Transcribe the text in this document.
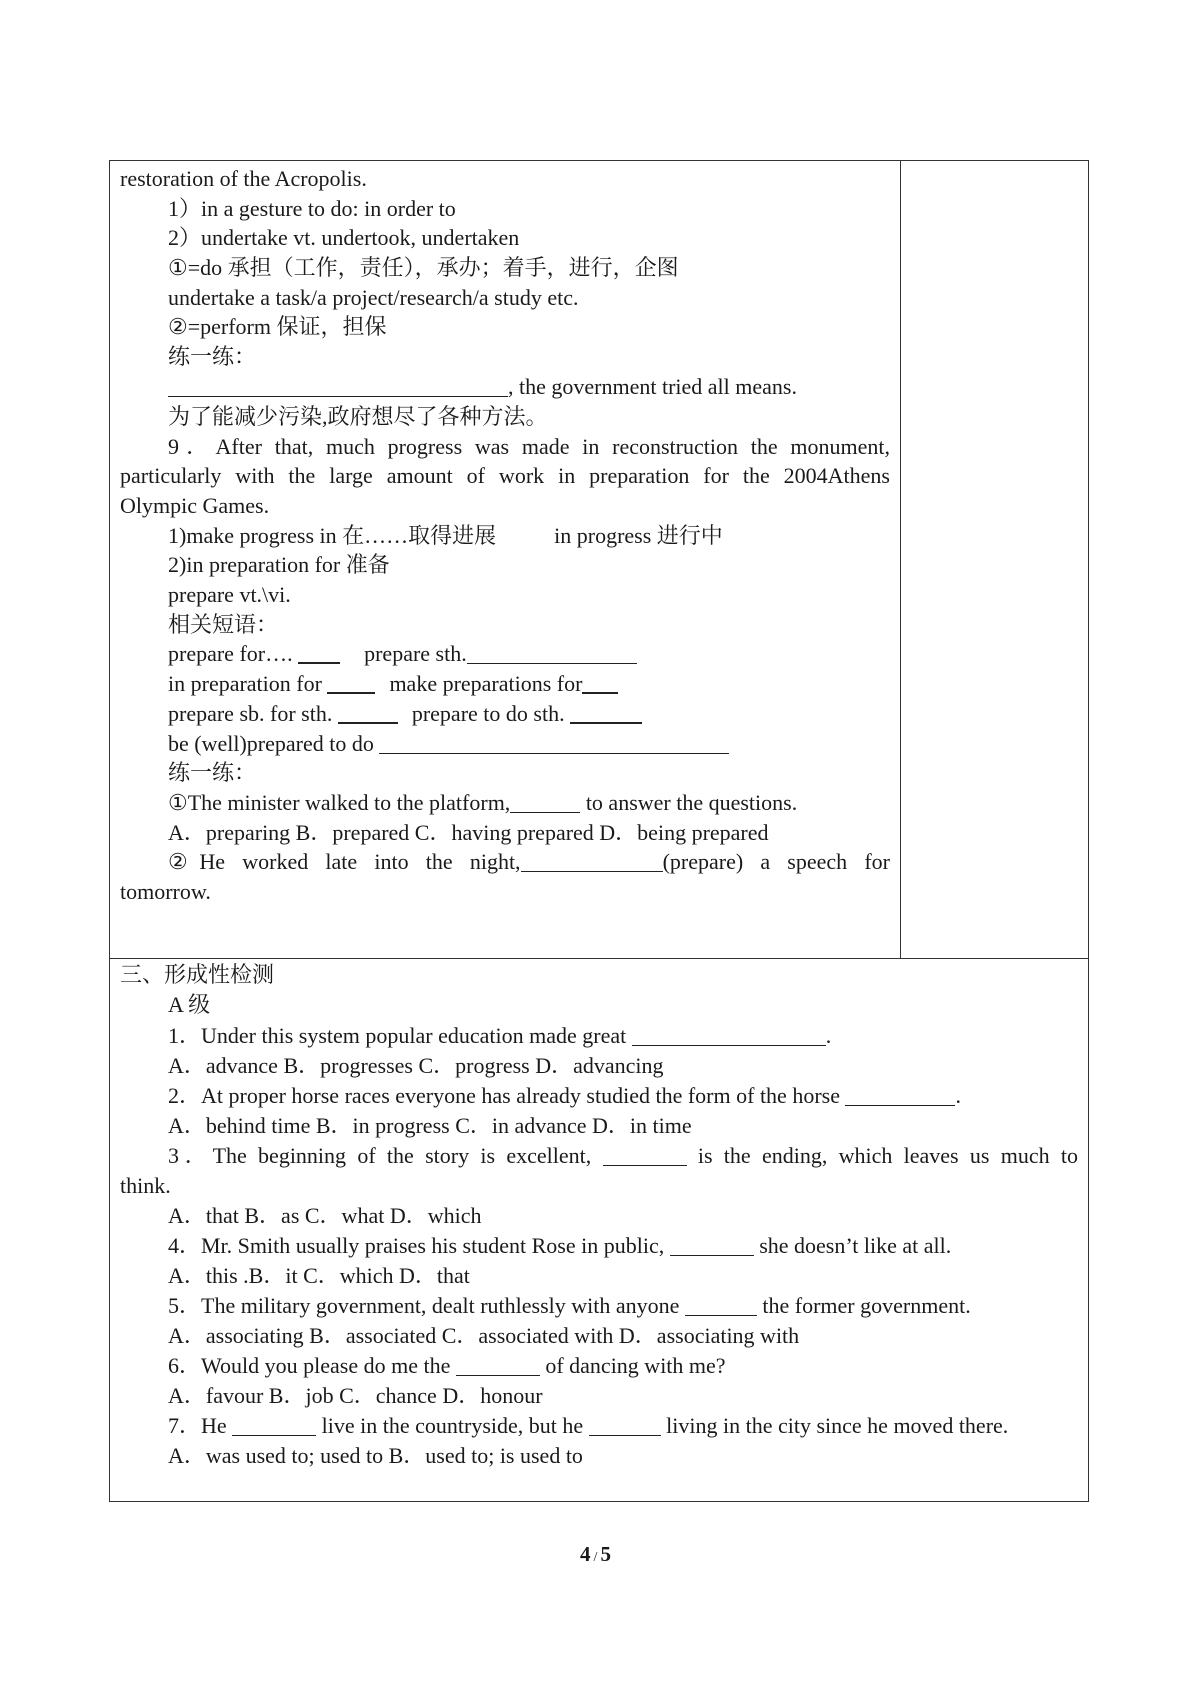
restoration of the Acropolis.
1）in a gesture to do: in order to
2）undertake vt. undertook, undertaken
①=do 承担（工作，责任），承办；着手，进行，企图
undertake a task/a project/research/a study etc.
②=perform 保证，担保
练一练：
, the government tried all means.
为了能减少污染,政府想尽了各种方法。
9．After that, much progress was made in reconstruction the monument,
particularly with the large amount of work in preparation for the 2004Athens
Olympic Games.
1)make progress in 在……取得进展	in progress 进行中
2)in preparation for 准备
prepare vt.\vi.
相关短语：
prepare for….	prepare sth.
in preparation for	make preparations for
prepare sb. for sth.	prepare to do sth.
be (well)prepared to do
练一练：
①The minister walked to the platform,	to answer the questions.
A．preparing B．prepared C．having prepared D．being prepared
②He worked late into the night,	(prepare) a speech for
tomorrow.
三、形成性检测
A 级
1．Under this system popular education made great	.
A．advance B．progresses C．progress D．advancing
2．At proper horse races everyone has already studied the form of the horse	.
A．behind time B．in progress C．in advance D．in time
3．The beginning of the story is excellent,	is the ending, which leaves us much to
think.
A．that B．as C．what D．which
4．Mr. Smith usually praises his student Rose in public,	she doesn’t like at all.
A．this .B．it C．which D．that
5．The military government, dealt ruthlessly with anyone	the former government.
A．associating B．associated C．associated with D．associating with
6．Would you please do me the	of dancing with me?
A．favour B．job C．chance D．honour
7．He	live in the countryside, but he	living in the city since he moved there.
A．was used to; used to B．used to; is used to
4 / 5
